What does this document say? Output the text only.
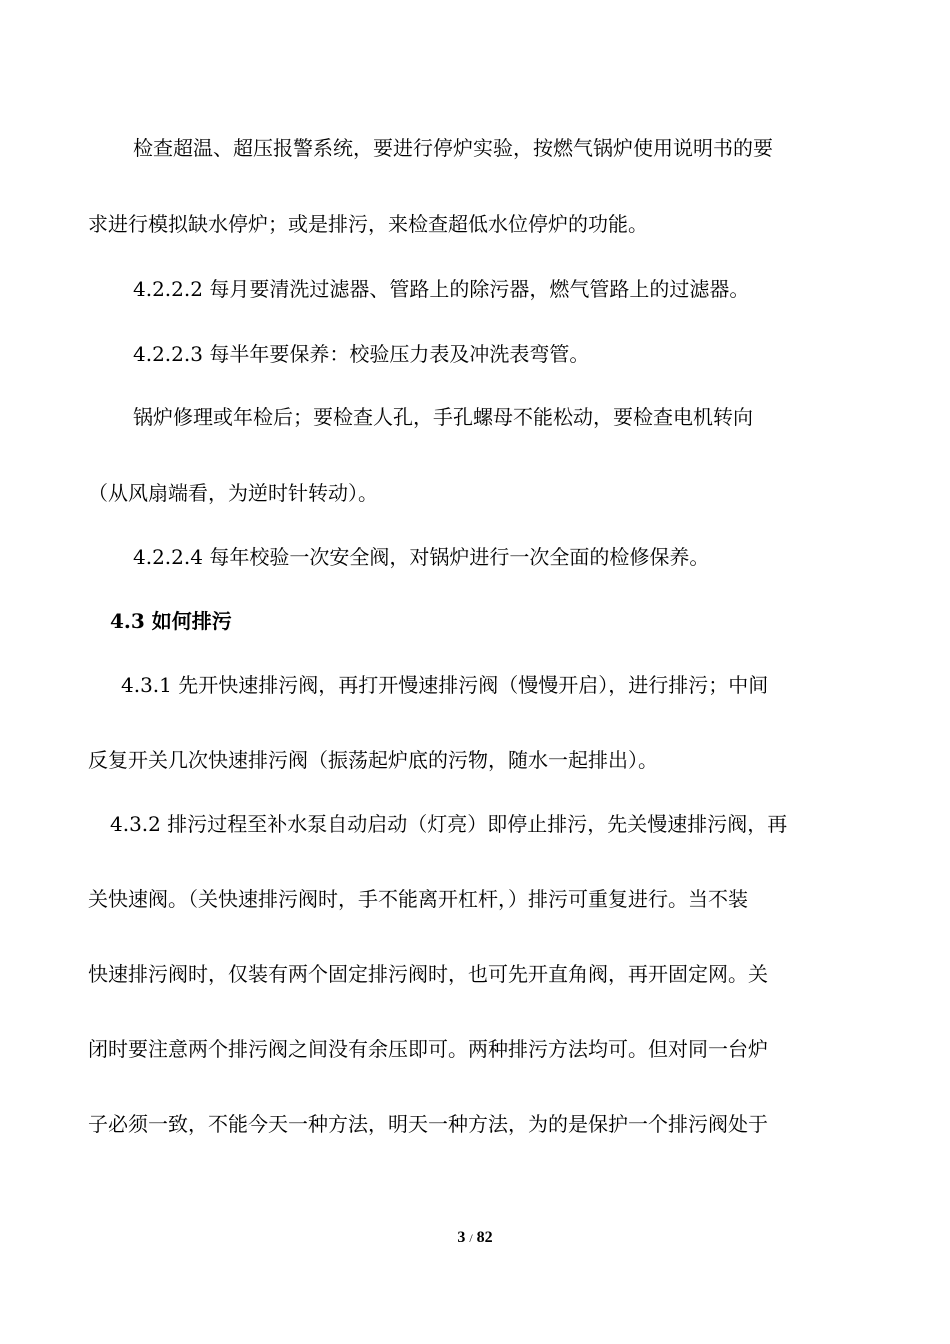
检查超温、超压报警系统，要进行停炉实验，按燃气锅炉使用说明书的要
求进行模拟缺水停炉；或是排污，来检查超低水位停炉的功能。
4.2.2.2 每月要清洗过滤器、管路上的除污器，燃气管路上的过滤器。
4.2.2.3 每半年要保养：校验压力表及冲洗表弯管。
锅炉修理或年检后；要检查人孔，手孔螺母不能松动，要检查电机转向
（从风扇端看，为逆时针转动）。
4.2.2.4 每年校验一次安全阀，对锅炉进行一次全面的检修保养。
4.3 如何排污
4.3.1 先开快速排污阀，再打开慢速排污阀（慢慢开启），进行排污；中间
反复开关几次快速排污阀（振荡起炉底的污物，随水一起排出）。
4.3.2 排污过程至补水泵自动启动（灯亮）即停止排污，先关慢速排污阀，再
关快速阀。（关快速排污阀时，手不能离开杠杆，）排污可重复进行。当不装
快速排污阀时，仅装有两个固定排污阀时，也可先开直角阀，再开固定网。关
闭时要注意两个排污阀之间没有余压即可。两种排污方法均可。但对同一台炉
子必须一致，不能今天一种方法，明天一种方法，为的是保护一个排污阀处于
3 / 82
